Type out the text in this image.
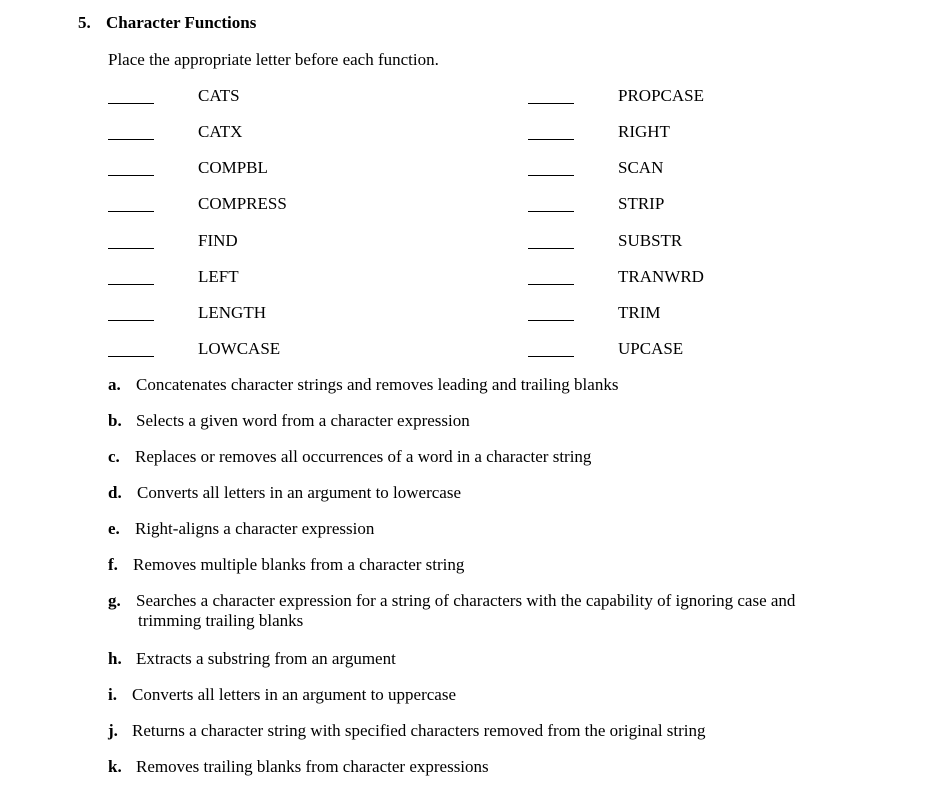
5. Character Functions
Place the appropriate letter before each function.
CATS	PROPCASE
CATX	RIGHT
COMPBL	SCAN
COMPRESS	STRIP
FIND	SUBSTR
LEFT	TRANWRD
LENGTH	TRIM
LOWCASE	UPCASE
a. Concatenates character strings and removes leading and trailing blanks
b. Selects a given word from a character expression
c. Replaces or removes all occurrences of a word in a character string
d. Converts all letters in an argument to lowercase
e. Right-aligns a character expression
f. Removes multiple blanks from a character string
g. Searches a character expression for a string of characters with the capability of ignoring case and
trimming trailing blanks
h. Extracts a substring from an argument
i. Converts all letters in an argument to uppercase
j. Returns a character string with specified characters removed from the original string
k. Removes trailing blanks from character expressions
